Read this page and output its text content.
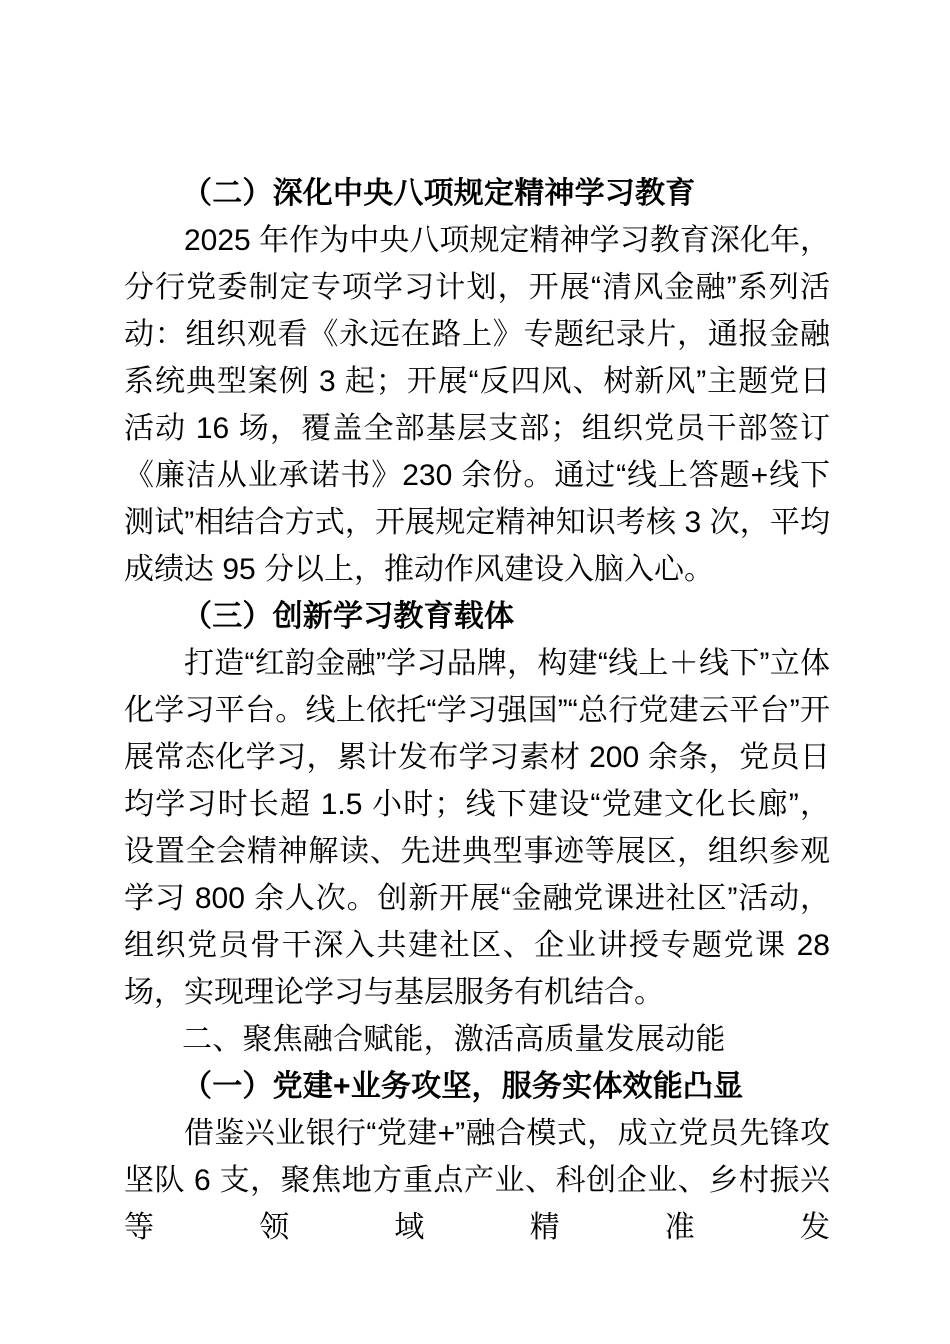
（二）深化中央八项规定精神学习教育

2025 年作为中央八项规定精神学习教育深化年，分行党委制定专项学习计划，开展“清风金融”系列活动：组织观看《永远在路上》专题纪录片，通报金融系统典型案例 3 起；开展“反四风、树新风”主题党日活动 16 场，覆盖全部基层支部；组织党员干部签订《廉洁从业承诺书》230 余份。通过“线上答题+线下测试”相结合方式，开展规定精神知识考核 3 次，平均成绩达 95 分以上，推动作风建设入脑入心。

（三）创新学习教育载体

打造“红韵金融”学习品牌，构建“线上＋线下”立体化学习平台。线上依托“学习强国”“总行党建云平台”开展常态化学习，累计发布学习素材 200 余条，党员日均学习时长超 1.5 小时；线下建设“党建文化长廊”，设置全会精神解读、先进典型事迹等展区，组织参观学习 800 余人次。创新开展“金融党课进社区”活动，组织党员骨干深入共建社区、企业讲授专题党课 28 场，实现理论学习与基层服务有机结合。

二、聚焦融合赋能，激活高质量发展动能
（一）党建+业务攻坚，服务实体效能凸显

借鉴兴业银行“党建+”融合模式，成立党员先锋攻坚队 6 支，聚焦地方重点产业、科创企业、乡村振兴等领域精准发
